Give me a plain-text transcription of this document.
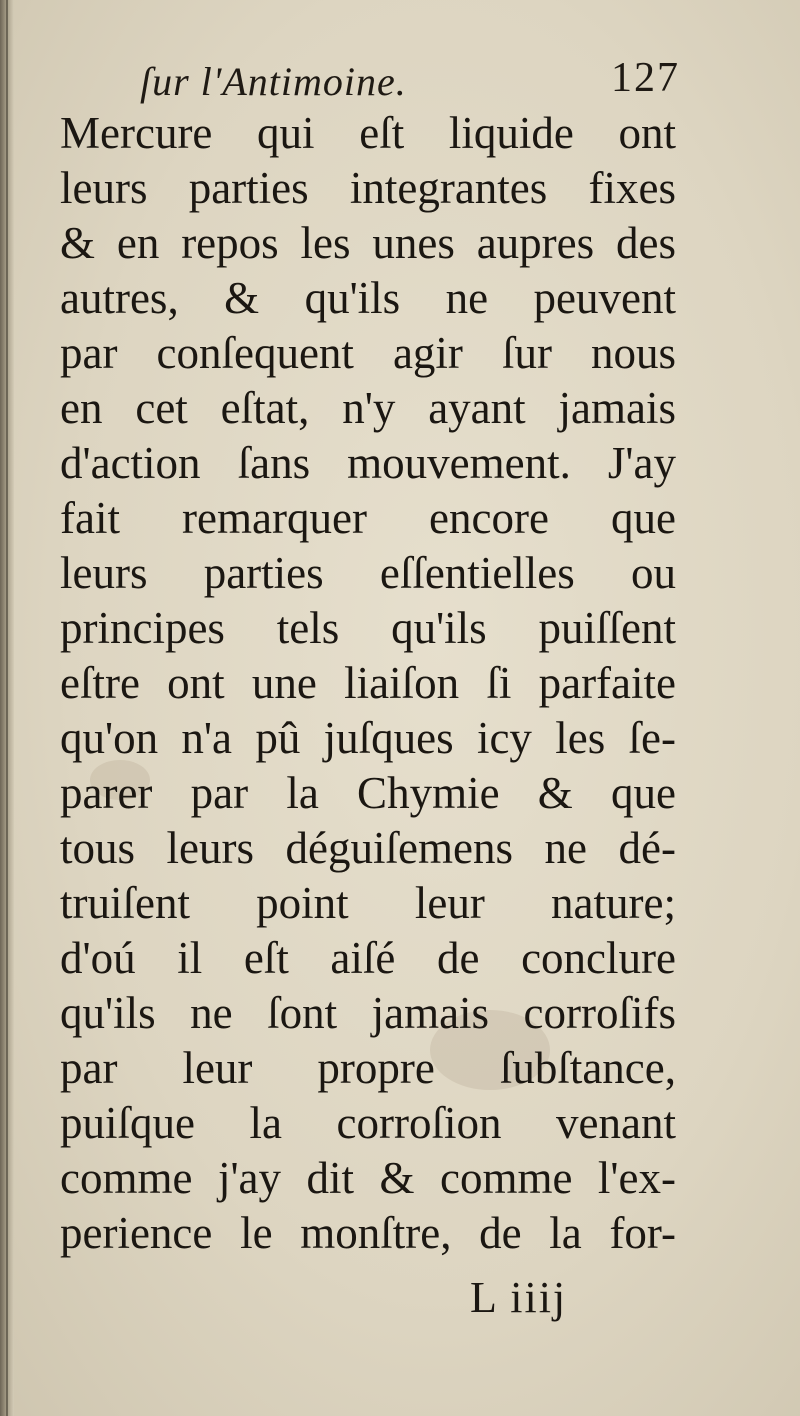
ſur l'Antimoine.	127
Mercure qui eſt liquide ont
leurs parties integrantes fixes
& en repos les unes aupres des
autres, & qu'ils ne peuvent
par conſequent agir ſur nous
en cet eſtat, n'y ayant jamais
d'action ſans mouvement. J'ay
fait remarquer encore que
leurs parties eſſentielles ou
principes tels qu'ils puiſſent
eſtre ont une liaiſon ſi parfaite
qu'on n'a pû juſques icy les ſe-
parer par la Chymie & que
tous leurs déguiſemens ne dé-
truiſent point leur nature;
d'oú il eſt aiſé de conclure
qu'ils ne ſont jamais corroſifs
par leur propre ſubſtance,
puiſque la corroſion venant
comme j'ay dit & comme l'ex-
perience le monſtre, de la for-
L iiij
